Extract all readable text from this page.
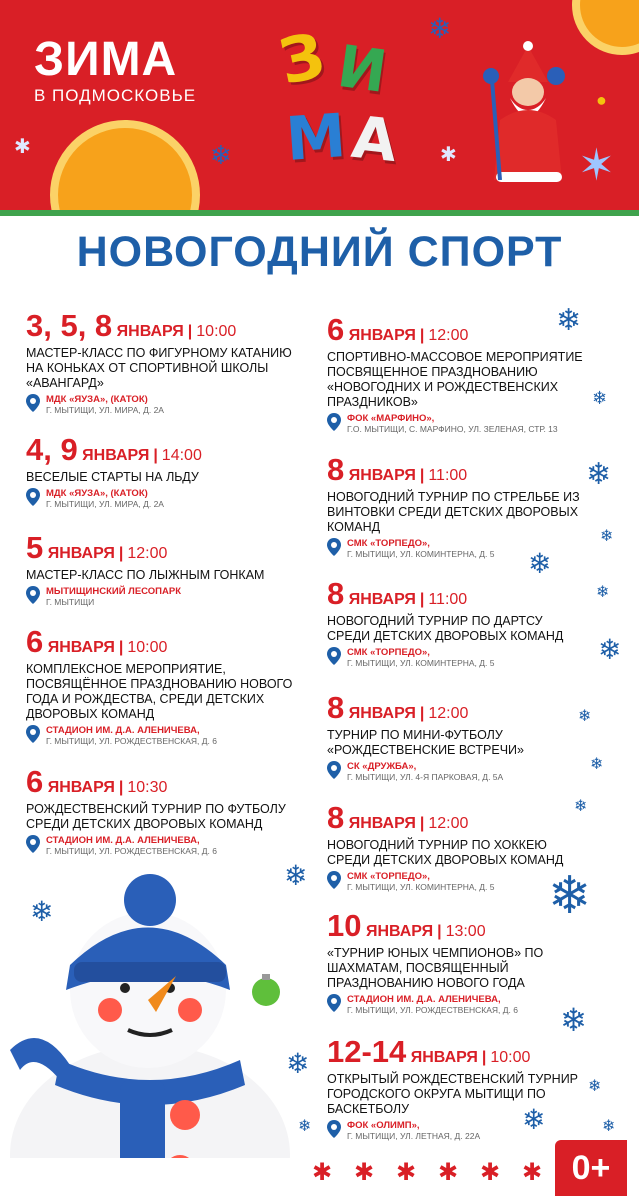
ЗИМА
В ПОДМОСКОВЬЕ З И
М А
❄
❄
✱	✱	✶
●
НОВОГОДНИЙ СПОРТ
3, 5, 8 ЯНВАРЯ | 10:00
МАСТЕР-КЛАСС ПО ФИГУРНОМУ КАТАНИЮ НА КОНЬКАХ ОТ СПОРТИВНОЙ ШКОЛЫ «АВАНГАРД»
МДК «ЯУЗА», (КАТОК)
Г. МЫТИЩИ, УЛ. МИРА, Д. 2А
4, 9 ЯНВАРЯ | 14:00
ВЕСЕЛЫЕ СТАРТЫ НА ЛЬДУ
МДК «ЯУЗА», (КАТОК)
Г. МЫТИЩИ, УЛ. МИРА, Д. 2А
5 ЯНВАРЯ | 12:00
МАСТЕР-КЛАСС ПО ЛЫЖНЫМ ГОНКАМ
МЫТИЩИНСКИЙ ЛЕСОПАРК
Г. МЫТИЩИ
6 ЯНВАРЯ | 10:00
КОМПЛЕКСНОЕ МЕРОПРИЯТИЕ, ПОСВЯЩЁННОЕ ПРАЗДНОВАНИЮ НОВОГО ГОДА И РОЖДЕСТВА, СРЕДИ ДЕТСКИХ ДВОРОВЫХ КОМАНД
СТАДИОН ИМ. Д.А. АЛЕНИЧЕВА,
Г. МЫТИЩИ, УЛ. РОЖДЕСТВЕНСКАЯ, Д. 6
6 ЯНВАРЯ | 10:30
РОЖДЕСТВЕНСКИЙ ТУРНИР ПО ФУТБОЛУ СРЕДИ ДЕТСКИХ ДВОРОВЫХ КОМАНД
СТАДИОН ИМ. Д.А. АЛЕНИЧЕВА,
Г. МЫТИЩИ, УЛ. РОЖДЕСТВЕНСКАЯ, Д. 6
6 ЯНВАРЯ | 12:00
СПОРТИВНО-МАССОВОЕ МЕРОПРИЯТИЕ ПОСВЯЩЕННОЕ ПРАЗДНОВАНИЮ «НОВОГОДНИХ И РОЖДЕСТВЕНСКИХ ПРАЗДНИКОВ»
ФОК «МАРФИНО»,
Г.О. МЫТИЩИ, С. МАРФИНО, УЛ. ЗЕЛЕНАЯ, СТР. 13
8 ЯНВАРЯ | 11:00
НОВОГОДНИЙ ТУРНИР ПО СТРЕЛЬБЕ ИЗ ВИНТОВКИ СРЕДИ ДЕТСКИХ ДВОРОВЫХ КОМАНД
СМК «ТОРПЕДО»,
Г. МЫТИЩИ, УЛ. КОМИНТЕРНА, Д. 5
8 ЯНВАРЯ | 11:00
НОВОГОДНИЙ ТУРНИР ПО ДАРТСУ СРЕДИ ДЕТСКИХ ДВОРОВЫХ КОМАНД
СМК «ТОРПЕДО»,
Г. МЫТИЩИ, УЛ. КОМИНТЕРНА, Д. 5
8 ЯНВАРЯ | 12:00
ТУРНИР ПО МИНИ-ФУТБОЛУ «РОЖДЕСТВЕНСКИЕ ВСТРЕЧИ»
СК «ДРУЖБА»,
Г. МЫТИЩИ, УЛ. 4-Я ПАРКОВАЯ, Д. 5А
8 ЯНВАРЯ | 12:00
НОВОГОДНИЙ ТУРНИР ПО ХОККЕЮ СРЕДИ ДЕТСКИХ ДВОРОВЫХ КОМАНД
СМК «ТОРПЕДО»,
Г. МЫТИЩИ, УЛ. КОМИНТЕРНА, Д. 5
10 ЯНВАРЯ | 13:00
«ТУРНИР ЮНЫХ ЧЕМПИОНОВ» ПО ШАХМАТАМ, ПОСВЯЩЕННЫЙ ПРАЗДНОВАНИЮ НОВОГО ГОДА
СТАДИОН ИМ. Д.А. АЛЕНИЧЕВА,
Г. МЫТИЩИ, УЛ. РОЖДЕСТВЕНСКАЯ, Д. 6
12-14 ЯНВАРЯ | 10:00
ОТКРЫТЫЙ РОЖДЕСТВЕНСКИЙ ТУРНИР ГОРОДСКОГО ОКРУГА МЫТИЩИ ПО БАСКЕТБОЛУ
ФОК «ОЛИМП»,
Г. МЫТИЩИ, УЛ. ЛЕТНАЯ, Д. 22А
❄
❄
❄
❄
❄
❄
❄
❄
❄
❄
❄
❄
❄
❄
❄
❄
❄	❄
❄
✱ ✱ ✱ ✱ ✱ ✱ 0+
